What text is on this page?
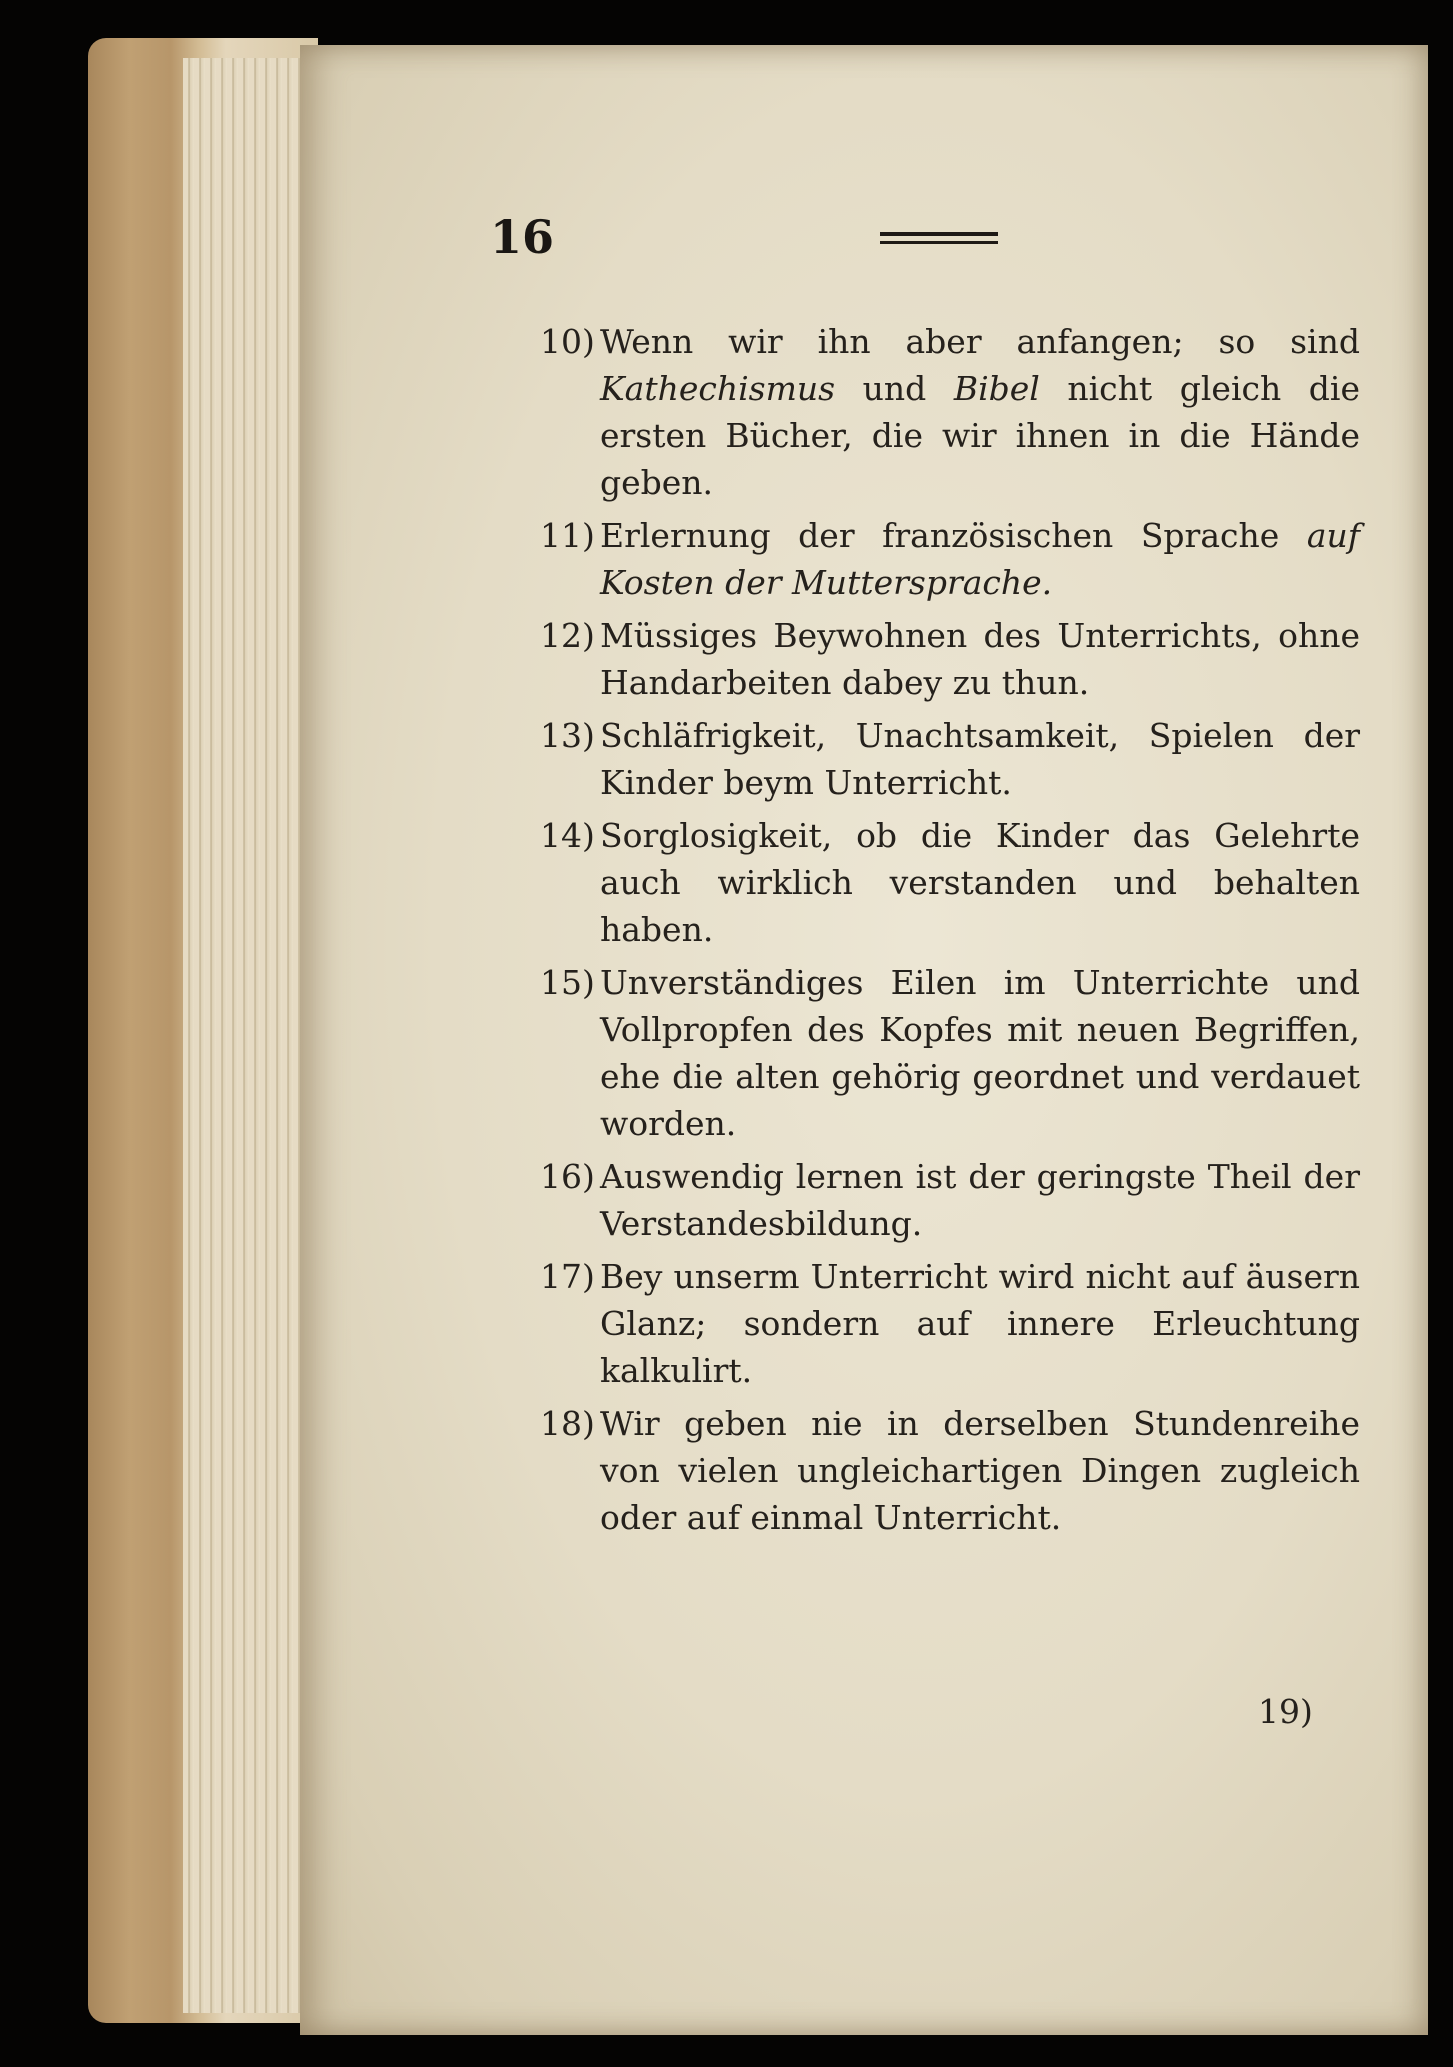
16
10) Wenn wir ihn aber anfangen; so sind Kathechismus und Bibel nicht gleich die ersten Bücher, die wir ihnen in die Hände geben.
11) Erlernung der französischen Sprache auf Kosten der Muttersprache.
12) Müssiges Beywohnen des Unterrichts, ohne Handarbeiten dabey zu thun.
13) Schläfrigkeit, Unachtsamkeit, Spielen der Kinder beym Unterricht.
14) Sorglosigkeit, ob die Kinder das Gelehrte auch wirklich verstanden und behalten haben.
15) Unverständiges Eilen im Unterrichte und Vollpropfen des Kopfes mit neuen Begriffen, ehe die alten gehörig geordnet und verdauet worden.
16) Auswendig lernen ist der geringste Theil der Verstandesbildung.
17) Bey unserm Unterricht wird nicht auf äusern Glanz; sondern auf innere Erleuchtung kalkulirt.
18) Wir geben nie in derselben Stundenreihe von vielen ungleichartigen Dingen zugleich oder auf einmal Unterricht.
19)
